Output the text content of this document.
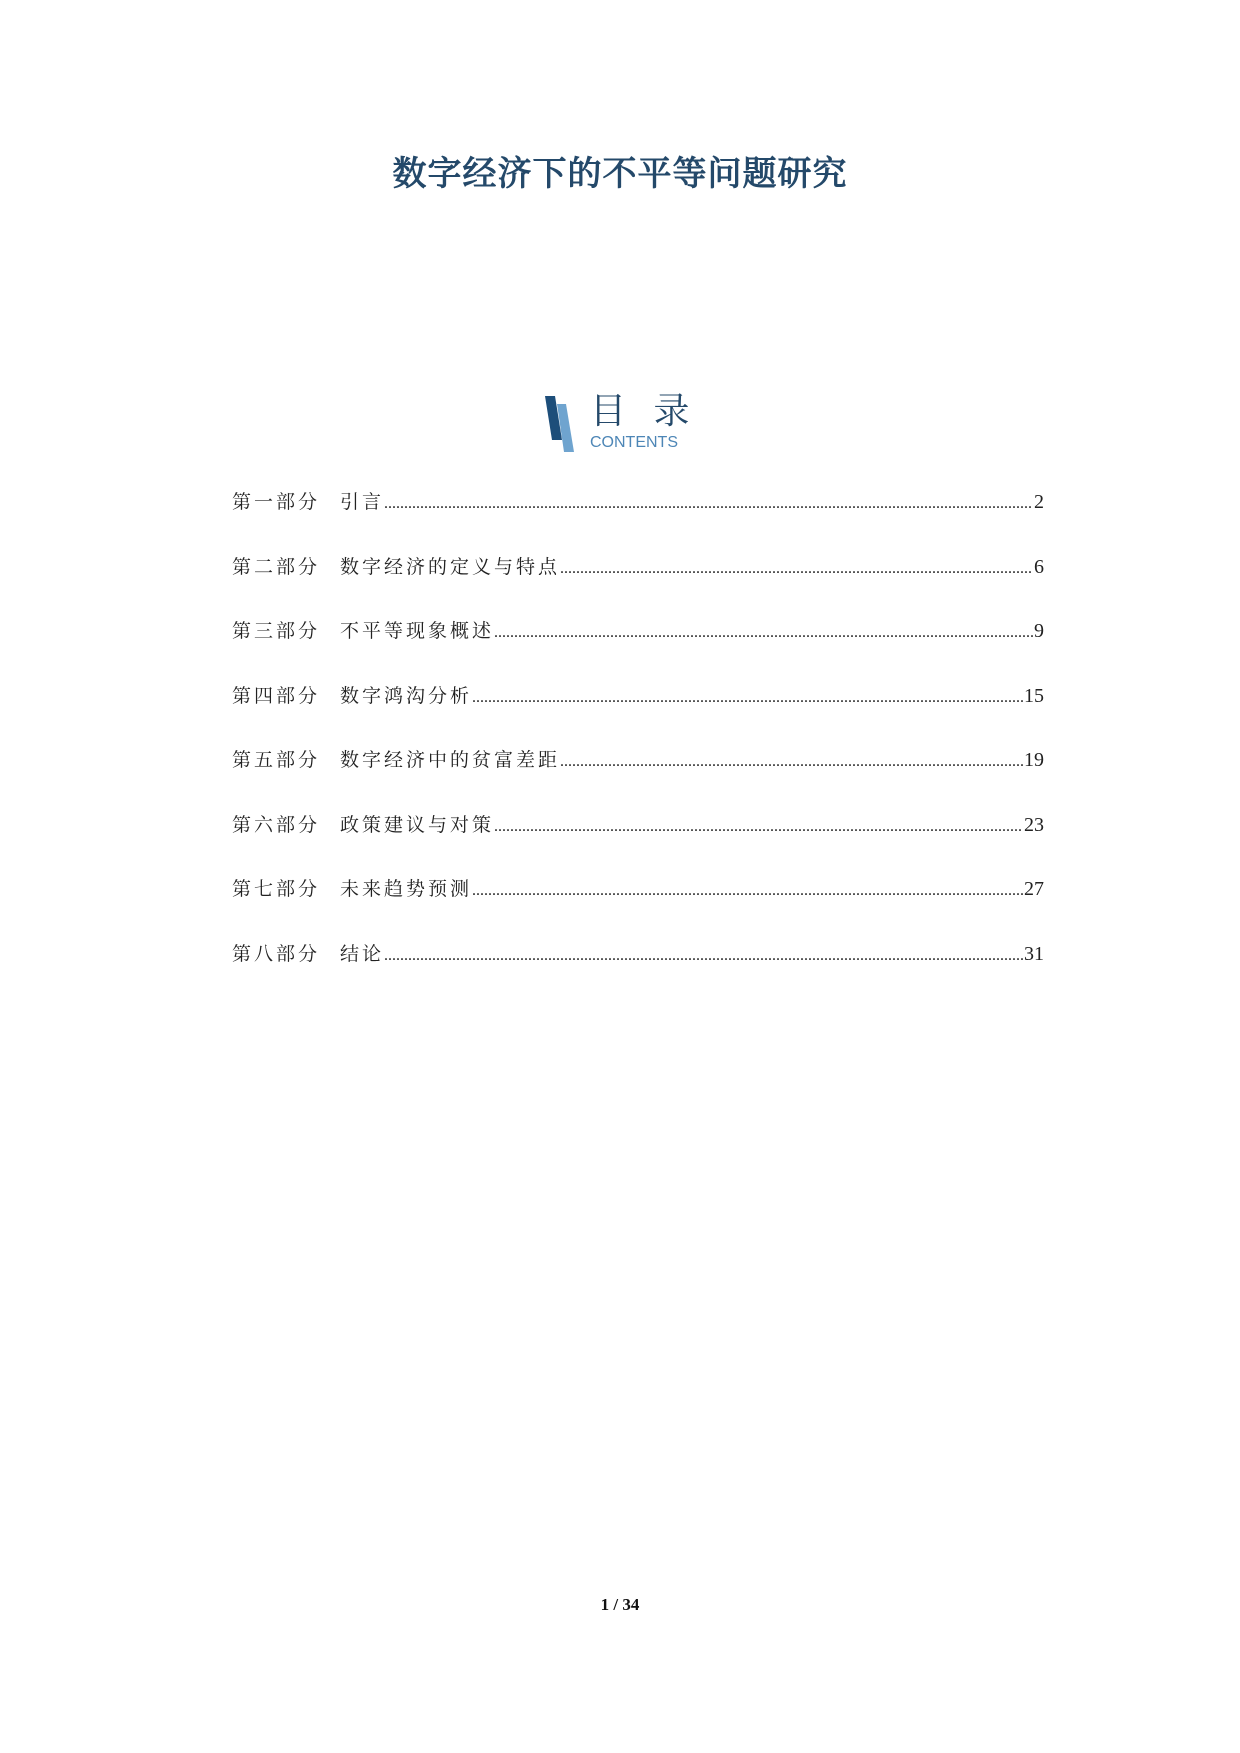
数字经济下的不平等问题研究
目 录
CONTENTS
第一部分	引言 .....	2
第二部分	数字经济的定义与特点 .....	6
第三部分	不平等现象概述 .....	9
第四部分	数字鸿沟分析 .....	15
第五部分	数字经济中的贫富差距 .....	19
第六部分	政策建议与对策 .....	23
第七部分	未来趋势预测 .....	27
第八部分	结论 .....	31
1 / 34
